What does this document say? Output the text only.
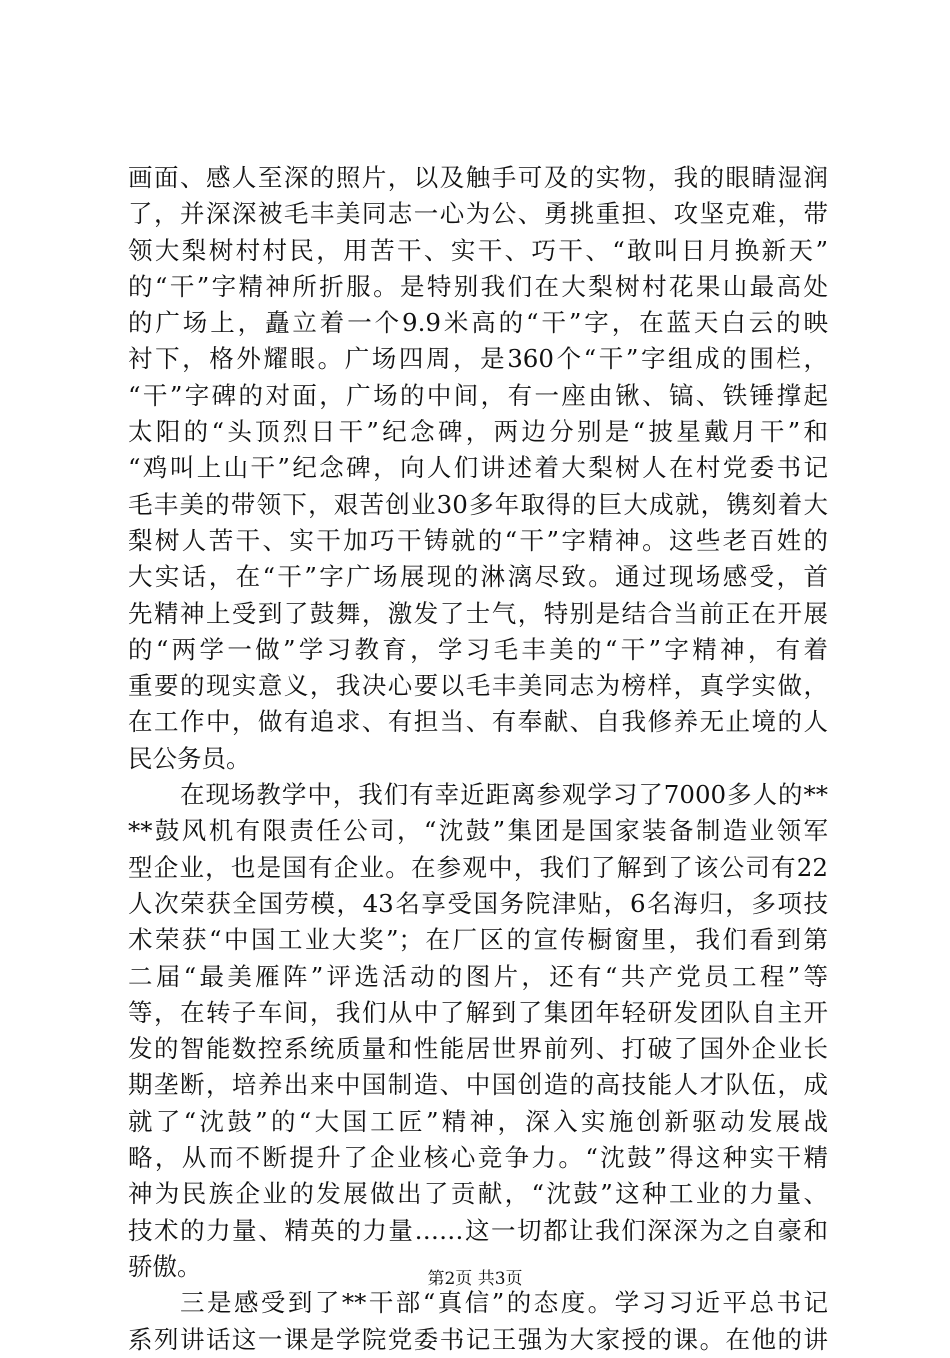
画面、感人至深的照片，以及触手可及的实物，我的眼睛湿润
了，并深深被毛丰美同志一心为公、勇挑重担、攻坚克难，带
领大梨树村村民，用苦干、实干、巧干、“敢叫日月换新天”
的“干”字精神所折服。是特别我们在大梨树村花果山最高处
的广场上，矗立着一个9.9米高的“干”字，在蓝天白云的映
衬下，格外耀眼。广场四周，是360个“干”字组成的围栏，
“干”字碑的对面，广场的中间，有一座由锹、镐、铁锤撑起
太阳的“头顶烈日干”纪念碑，两边分别是“披星戴月干”和
“鸡叫上山干”纪念碑，向人们讲述着大梨树人在村党委书记
毛丰美的带领下，艰苦创业30多年取得的巨大成就，镌刻着大
梨树人苦干、实干加巧干铸就的“干”字精神。这些老百姓的
大实话，在“干”字广场展现的淋漓尽致。通过现场感受，首
先精神上受到了鼓舞，激发了士气，特别是结合当前正在开展
的“两学一做”学习教育，学习毛丰美的“干”字精神，有着
重要的现实意义，我决心要以毛丰美同志为榜样，真学实做，
在工作中，做有追求、有担当、有奉献、自我修养无止境的人
民公务员。
在现场教学中，我们有幸近距离参观学习了7000多人的**
**鼓风机有限责任公司，“沈鼓”集团是国家装备制造业领军
型企业，也是国有企业。在参观中，我们了解到了该公司有22
人次荣获全国劳模，43名享受国务院津贴，6名海归，多项技
术荣获“中国工业大奖”；在厂区的宣传橱窗里，我们看到第
二届“最美雁阵”评选活动的图片，还有“共产党员工程”等
等，在转子车间，我们从中了解到了集团年轻研发团队自主开
发的智能数控系统质量和性能居世界前列、打破了国外企业长
期垄断，培养出来中国制造、中国创造的高技能人才队伍，成
就了“沈鼓”的“大国工匠”精神，深入实施创新驱动发展战
略，从而不断提升了企业核心竞争力。“沈鼓”得这种实干精
神为民族企业的发展做出了贡献，“沈鼓”这种工业的力量、
技术的力量、精英的力量……这一切都让我们深深为之自豪和
骄傲。
三是感受到了**干部“真信”的态度。学习习近平总书记
系列讲话这一课是学院党委书记王强为大家授的课。在他的讲
第2页 共3页
